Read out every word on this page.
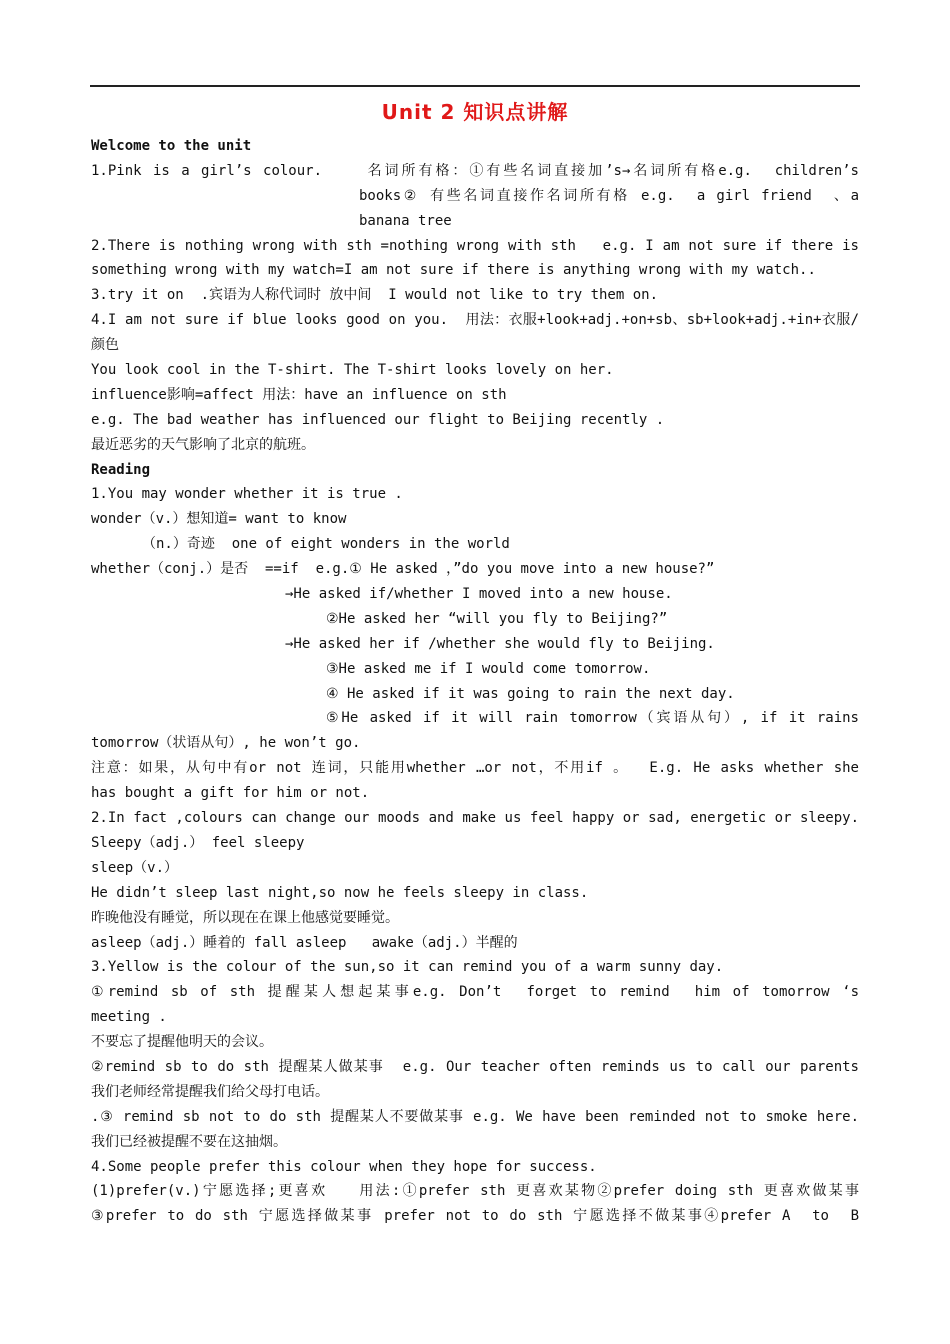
Unit 2 知识点讲解
Welcome to the unit
1.Pink is a girl’s colour.    名词所有格：①有些名词直接加’s→名词所有格e.g.  children’s
books② 有些名词直接作名词所有格 e.g.  a girl friend  、a
banana tree
2.There is nothing wrong with sth =nothing wrong with sth   e.g. I am not sure if there is
something wrong with my watch=I am not sure if there is anything wrong with my watch..
3.try it on  .宾语为人称代词时 放中间  I would not like to try them on.
4.I am not sure if blue looks good on you.  用法：衣服+look+adj.+on+sb、sb+look+adj.+in+衣服/
颜色
You look cool in the T-shirt. The T-shirt looks lovely on her.
influence影响=affect 用法：have an influence on sth
e.g. The bad weather has influenced our flight to Beijing recently .
最近恶劣的天气影响了北京的航班。
Reading
1.You may wonder whether it is true .
wonder（v.）想知道= want to know
（n.）奇迹  one of eight wonders in the world
whether（conj.）是否  ==if  e.g.① He asked ，”do you move into a new house?”
→He asked if/whether I moved into a new house.
②He asked her “will you fly to Beijing?”
→He asked her if /whether she would fly to Beijing.
③He asked me if I would come tomorrow.
④ He asked if it was going to rain the next day.
⑤He asked if it will rain tomorrow（宾语从句）, if it rains
tomorrow（状语从句）, he won’t go.
注意：如果，从句中有or not 连词，只能用whether …or not，不用if 。  E.g. He asks whether she
has bought a gift for him or not.
2.In fact ,colours can change our moods and make us feel happy or sad, energetic or sleepy.
Sleepy（adj.） feel sleepy
sleep（v.）
He didn’t sleep last night,so now he feels sleepy in class.
昨晚他没有睡觉，所以现在在课上他感觉要睡觉。
asleep（adj.）睡着的 fall asleep   awake（adj.）半醒的
3.Yellow is the colour of the sun,so it can remind you of a warm sunny day.
①remind sb of sth 提醒某人想起某事e.g. Don’t  forget to remind  him of tomorrow ‘s
meeting .
不要忘了提醒他明天的会议。
②remind sb to do sth 提醒某人做某事  e.g. Our teacher often reminds us to call our parents
我们老师经常提醒我们给父母打电话。
.③ remind sb not to do sth 提醒某人不要做某事 e.g. We have been reminded not to smoke here.
我们已经被提醒不要在这抽烟。
4.Some people prefer this colour when they hope for success.
(1)prefer(v.)宁愿选择;更喜欢   用法:①prefer sth 更喜欢某物②prefer doing sth 更喜欢做某事
③prefer to do sth 宁愿选择做某事 prefer not to do sth 宁愿选择不做某事④prefer A  to  B
